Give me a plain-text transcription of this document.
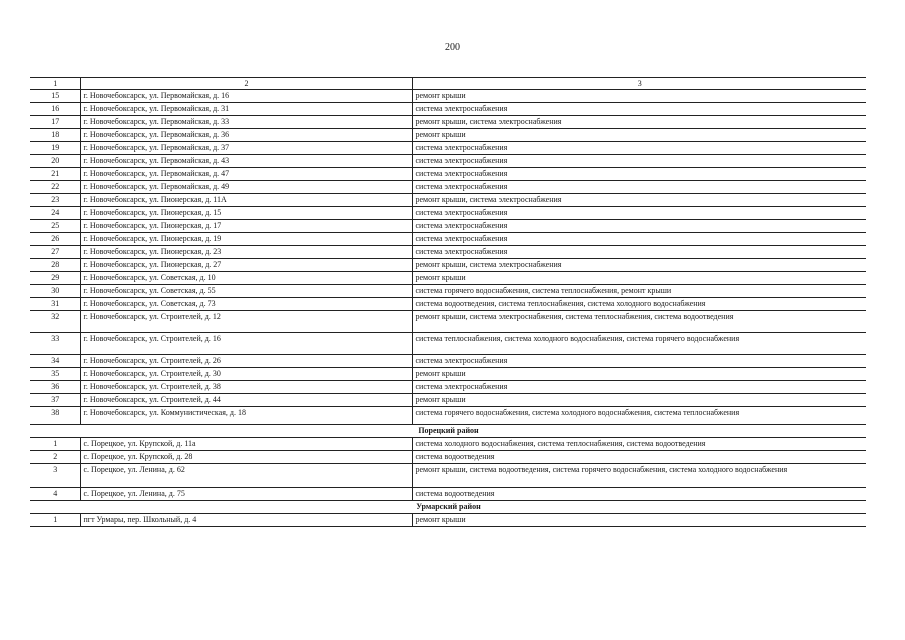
200
1	2	3
15	г. Новочебоксарск, ул. Первомайская, д. 16	ремонт крыши
16	г. Новочебоксарск, ул. Первомайская, д. 31	система электроснабжения
17	г. Новочебоксарск, ул. Первомайская, д. 33	ремонт крыши, система электроснабжения
18	г. Новочебоксарск, ул. Первомайская, д. 36	ремонт крыши
19	г. Новочебоксарск, ул. Первомайская, д. 37	система электроснабжения
20	г. Новочебоксарск, ул. Первомайская, д. 43	система электроснабжения
21	г. Новочебоксарск, ул. Первомайская, д. 47	система электроснабжения
22	г. Новочебоксарск, ул. Первомайская, д. 49	система электроснабжения
23	г. Новочебоксарск, ул. Пионерская, д. 11А	ремонт крыши, система электроснабжения
24	г. Новочебоксарск, ул. Пионерская, д. 15	система электроснабжения
25	г. Новочебоксарск, ул. Пионерская, д. 17	система электроснабжения
26	г. Новочебоксарск, ул. Пионерская, д. 19	система электроснабжения
27	г. Новочебоксарск, ул. Пионерская, д. 23	система электроснабжения
28	г. Новочебоксарск, ул. Пионерская, д. 27	ремонт крыши, система электроснабжения
29	г. Новочебоксарск, ул. Советская, д. 10	ремонт крыши
30	г. Новочебоксарск, ул. Советская, д. 55	система горячего водоснабжения, система теплоснабжения, ремонт крыши
31	г. Новочебоксарск, ул. Советская, д. 73	система водоотведения, система теплоснабжения, система холодного водоснабжения
32	г. Новочебоксарск, ул. Строителей, д. 12	ремонт крыши, система электроснабжения, система теплоснабжения, система водоотведения
33	г. Новочебоксарск, ул. Строителей, д. 16	система теплоснабжения, система холодного водоснабжения, система горячего водоснабжения
34	г. Новочебоксарск, ул. Строителей, д. 26	система электроснабжения
35	г. Новочебоксарск, ул. Строителей, д. 30	ремонт крыши
36	г. Новочебоксарск, ул. Строителей, д. 38	система электроснабжения
37	г. Новочебоксарск, ул. Строителей, д. 44	ремонт крыши
38	г. Новочебоксарск, ул. Коммунистическая, д. 18	система горячего водоснабжения, система холодного водоснабжения, система теплоснабжения
Порецкий район		
1	с. Порецкое, ул. Крупской, д. 11а	система холодного водоснабжения, система теплоснабжения, система водоотведения
2	с. Порецкое, ул. Крупской, д. 28	система водоотведения
3	с. Порецкое, ул. Ленина, д. 62	ремонт крыши, система водоотведения, система горячего водоснабжения, система холодного водоснабжения
4	с. Порецкое, ул. Ленина, д. 75	система водоотведения
Урмарский район		
1	пгт Урмары, пер. Школьный, д. 4	ремонт крыши
